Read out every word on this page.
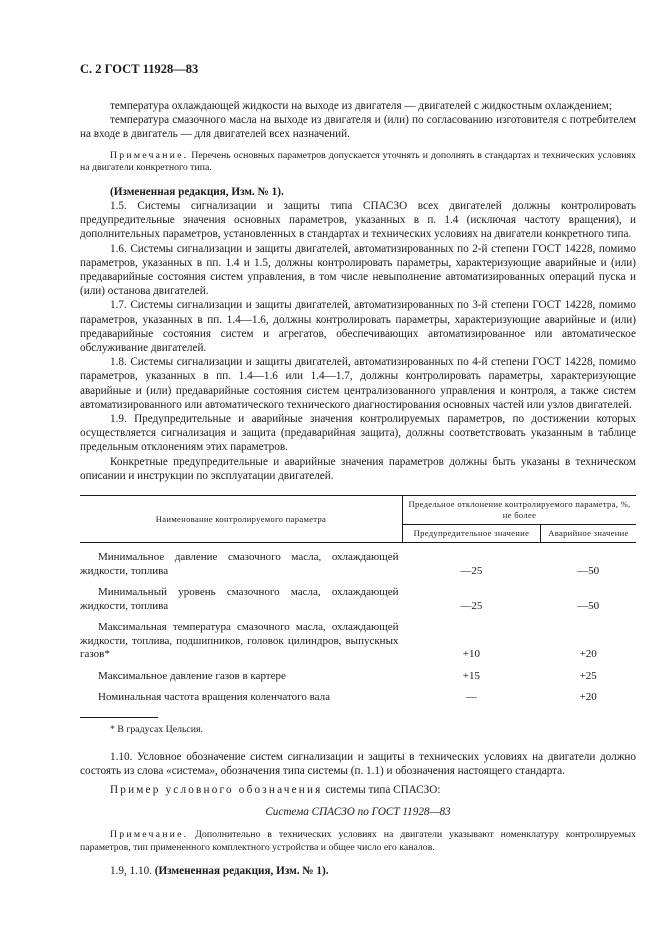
С. 2 ГОСТ 11928—83

температура охлаждающей жидкости на выходе из двигателя — двигателей с жидкостным охлаждением;

температура смазочного масла на выходе из двигателя и (или) по согласованию изготовителя с потребителем на входе в двигатель — для двигателей всех назначений.

Примечание. Перечень основных параметров допускается уточнять и дополнять в стандартах и технических условиях на двигатели конкретного типа.

(Измененная редакция, Изм. № 1).

1.5. Системы сигнализации и защиты типа СПАСЗО всех двигателей должны контролировать предупредительные значения основных параметров, указанных в п. 1.4 (исключая частоту вращения), и дополнительных параметров, установленных в стандартах и технических условиях на двигатели конкретного типа.

1.6. Системы сигнализации и защиты двигателей, автоматизированных по 2-й степени ГОСТ 14228, помимо параметров, указанных в пп. 1.4 и 1.5, должны контролировать параметры, характеризующие аварийные и (или) предаварийные состояния систем управления, в том числе невыполнение автоматизированных операций пуска и (или) останова двигателей.

1.7. Системы сигнализации и защиты двигателей, автоматизированных по 3-й степени ГОСТ 14228, помимо параметров, указанных в пп. 1.4—1.6, должны контролировать параметры, характеризующие аварийные и (или) предаварийные состояния систем и агрегатов, обеспечивающих автоматизированное или автоматическое обслуживание двигателей.

1.8. Системы сигнализации и защиты двигателей, автоматизированных по 4-й степени ГОСТ 14228, помимо параметров, указанных в пп. 1.4—1.6 или 1.4—1.7, должны контролировать параметры, характеризующие аварийные и (или) предаварийные состояния систем централизованного управления и контроля, а также систем автоматизированного или автоматического технического диагностирования основных частей или узлов двигателей.

1.9. Предупредительные и аварийные значения контролируемых параметров, по достижении которых осуществляется сигнализация и защита (предаварийная защита), должны соответствовать указанным в таблице предельным отклонениям этих параметров.

Конкретные предупредительные и аварийные значения параметров должны быть указаны в техническом описании и инструкции по эксплуатации двигателей.

Наименование контролируемого параметра	Предельное отклонение контролируемого параметра, %, не более	
	Предупредительное значение	Аварийное значение
Минимальное давление смазочного масла, охлаждающей жидкости, топлива	—25	—50
Минимальный уровень смазочного масла, охлаждающей жидкости, топлива	—25	—50
Максимальная температура смазочного масла, охлаждающей жидкости, топлива, подшипников, головок цилиндров, выпускных газов*	+10	+20
Максимальное давление газов в картере	+15	+25
Номинальная частота вращения коленчатого вала	—	+20

* В градусах Цельсия.

1.10. Условное обозначение систем сигнализации и защиты в технических условиях на двигатели должно состоять из слова «система», обозначения типа системы (п. 1.1) и обозначения настоящего стандарта.

Пример условного обозначения системы типа СПАСЗО:

Система СПАСЗО по ГОСТ 11928—83

Примечание. Дополнительно в технических условиях на двигатели указывают номенклатуру контролируемых параметров, тип примененного комплектного устройства и общее число его каналов.

1.9, 1.10. (Измененная редакция, Изм. № 1).
